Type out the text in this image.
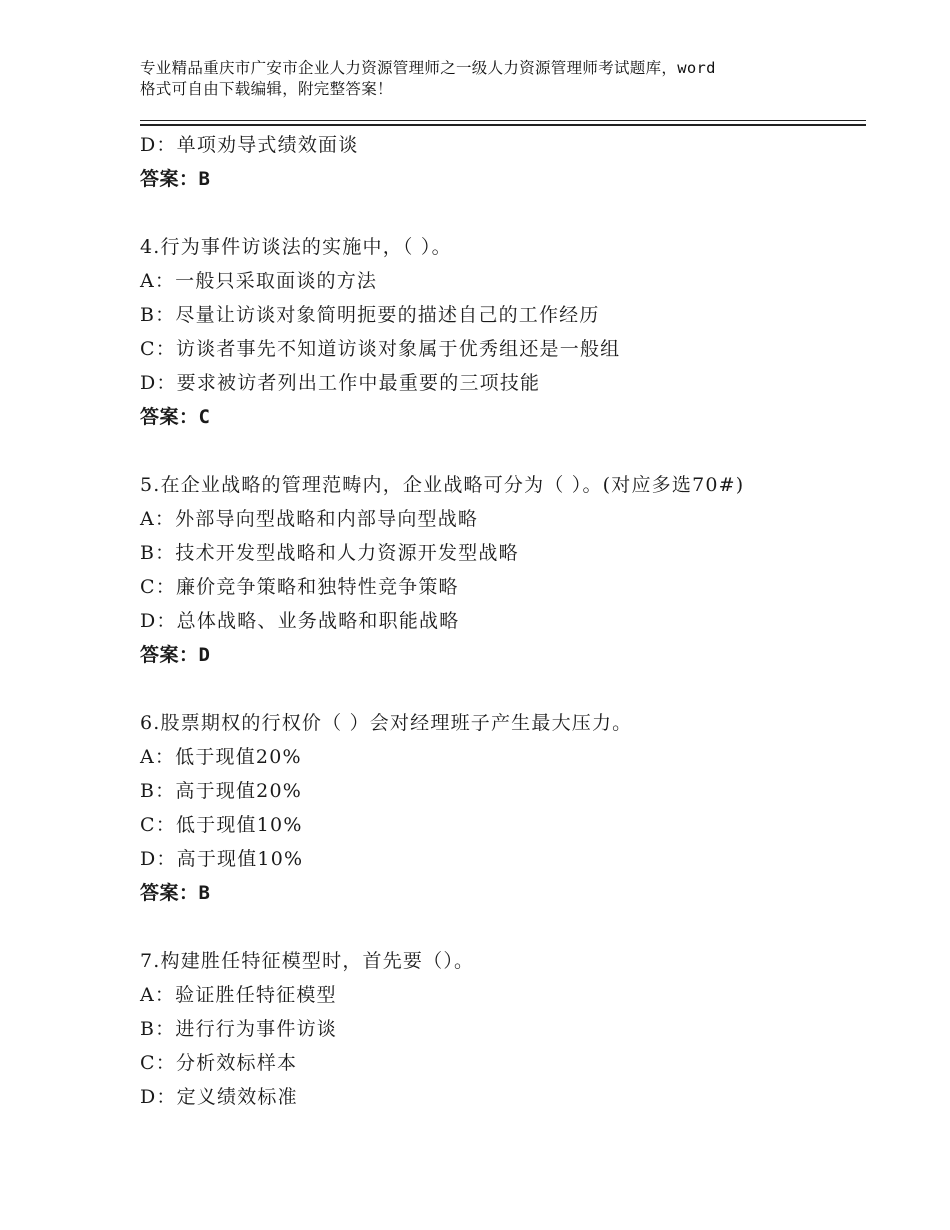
专业精品重庆市广安市企业人力资源管理师之一级人力资源管理师考试题库，word
格式可自由下载编辑，附完整答案！
D：单项劝导式绩效面谈
答案：B
4.行为事件访谈法的实施中，（ ）。
A：一般只采取面谈的方法
B：尽量让访谈对象简明扼要的描述自己的工作经历
C：访谈者事先不知道访谈对象属于优秀组还是一般组
D：要求被访者列出工作中最重要的三项技能
答案：C
5.在企业战略的管理范畴内，企业战略可分为（ ）。(对应多选70#)
A：外部导向型战略和内部导向型战略
B：技术开发型战略和人力资源开发型战略
C：廉价竞争策略和独特性竞争策略
D：总体战略、业务战略和职能战略
答案：D
6.股票期权的行权价（ ）会对经理班子产生最大压力。
A：低于现值20%
B：高于现值20%
C：低于现值10%
D：高于现值10%
答案：B
7.构建胜任特征模型时，首先要（）。
A：验证胜任特征模型
B：进行行为事件访谈
C：分析效标样本
D：定义绩效标准
